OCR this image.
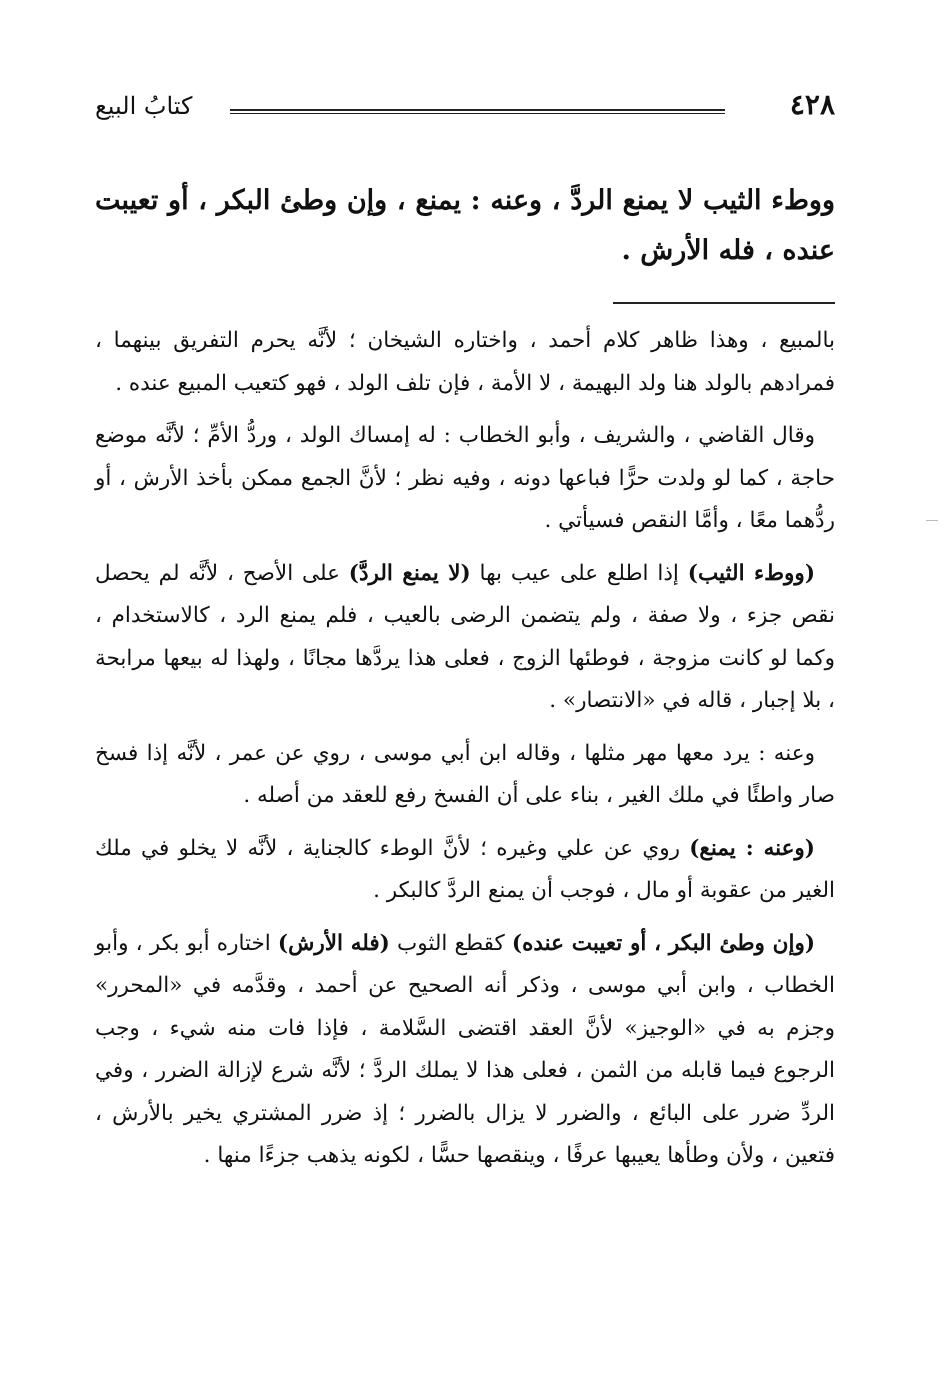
٤٢٨
كتابُ البيع
ووطء الثيب لا يمنع الردَّ ، وعنه : يمنع ، وإن وطئ البكر ، أو تعيبت عنده ، فله الأرش .

بالمبيع ، وهذا ظاهر كلام أحمد ، واختاره الشيخان ؛ لأنَّه يحرم التفريق بينهما ، فمرادهم بالولد هنا ولد البهيمة ، لا الأمة ، فإن تلف الولد ، فهو كتعيب المبيع عنده .

وقال القاضي ، والشريف ، وأبو الخطاب : له إمساك الولد ، وردُّ الأمِّ ؛ لأنَّه موضع حاجة ، كما لو ولدت حرًّا فباعها دونه ، وفيه نظر ؛ لأنَّ الجمع ممكن بأخذ الأرش ، أو ردُّهما معًا ، وأمَّا النقص فسيأتي .

(ووطء الثيب) إذا اطلع على عيب بها (لا يمنع الردَّ) على الأصح ، لأنَّه لم يحصل نقص جزء ، ولا صفة ، ولم يتضمن الرضى بالعيب ، فلم يمنع الرد ، كالاستخدام ، وكما لو كانت مزوجة ، فوطئها الزوج ، فعلى هذا يردَّها مجانًا ، ولهذا له بيعها مرابحة ، بلا إجبار ، قاله في «الانتصار» .

وعنه : يرد معها مهر مثلها ، وقاله ابن أبي موسى ، روي عن عمر ، لأنَّه إذا فسخ صار واطئًا في ملك الغير ، بناء على أن الفسخ رفع للعقد من أصله .

(وعنه : يمنع) روي عن علي وغيره ؛ لأنَّ الوطء كالجناية ، لأنَّه لا يخلو في ملك الغير من عقوبة أو مال ، فوجب أن يمنع الردَّ كالبكر .

(وإن وطئ البكر ، أو تعيبت عنده) كقطع الثوب (فله الأرش) اختاره أبو بكر ، وأبو الخطاب ، وابن أبي موسى ، وذكر أنه الصحيح عن أحمد ، وقدَّمه في «المحرر» وجزم به في «الوجيز» لأنَّ العقد اقتضى السَّلامة ، فإذا فات منه شيء ، وجب الرجوع فيما قابله من الثمن ، فعلى هذا لا يملك الردَّ ؛ لأنَّه شرع لإزالة الضرر ، وفي الردِّ ضرر على البائع ، والضرر لا يزال بالضرر ؛ إذ ضرر المشتري يخير بالأرش ، فتعين ، ولأن وطأها يعيبها عرفًا ، وينقصها حسًّا ، لكونه يذهب جزءًا منها .
